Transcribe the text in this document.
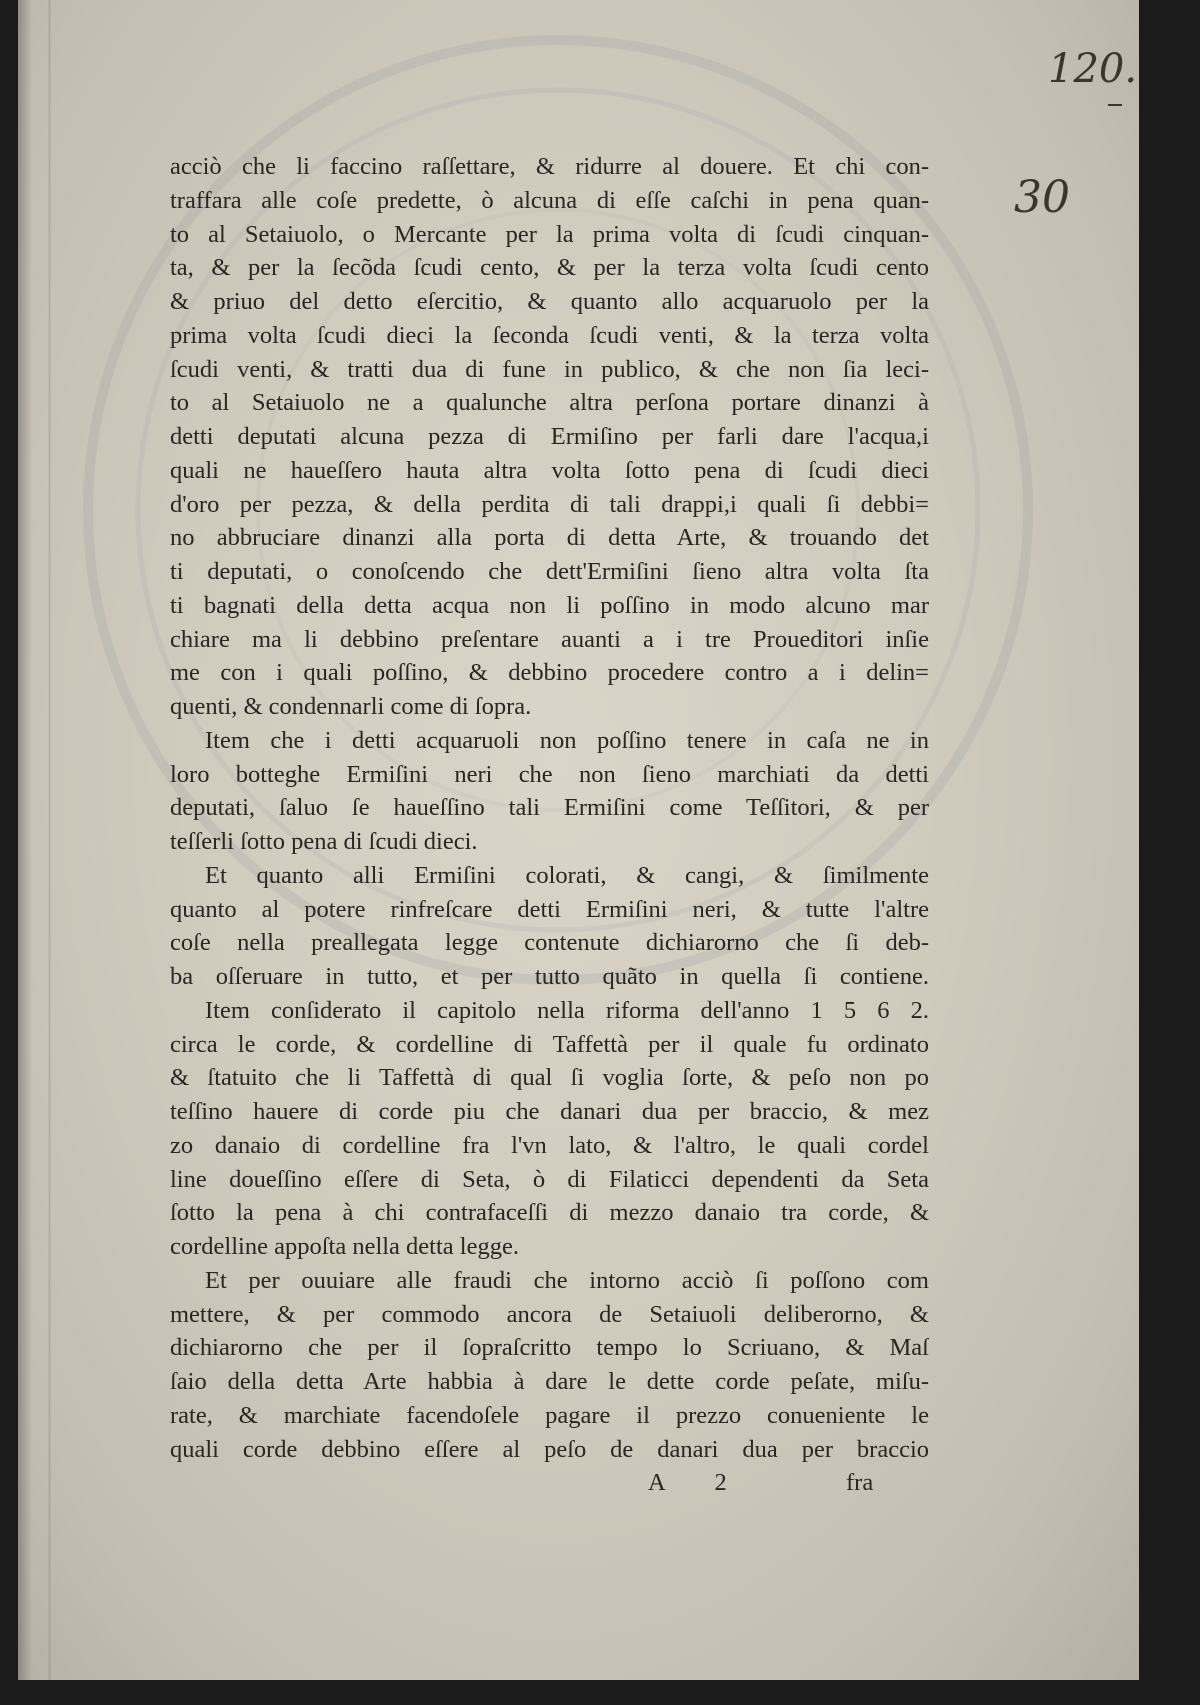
120.
30
acciò che li faccino raſſettare, & ridurre al douere. Et chi con-
traffara alle coſe predette, ò alcuna di eſſe caſchi in pena quan-
to al Setaiuolo, o Mercante per la prima volta di ſcudi cinquan-
ta, & per la ſecõda ſcudi cento, & per la terza volta ſcudi cento
& priuo del detto eſercitio, & quanto allo acquaruolo per la
prima volta ſcudi dieci la ſeconda ſcudi venti, & la terza volta
ſcudi venti, & tratti dua di fune in publico, & che non ſia leci-
to al Setaiuolo ne a qualunche altra perſona portare dinanzi à
detti deputati alcuna pezza di Ermiſino per farli dare l'acqua,i
quali ne haueſſero hauta altra volta ſotto pena di ſcudi dieci
d'oro per pezza, & della perdita di tali drappi,i quali ſi debbi=
no abbruciare dinanzi alla porta di detta Arte, & trouando det
ti deputati, o conoſcendo che dett'Ermiſini ſieno altra volta ſta
ti bagnati della detta acqua non li poſſino in modo alcuno mar
chiare ma li debbino preſentare auanti a i tre Proueditori inſie
me con i quali poſſino, & debbino procedere contro a i delin=
quenti, & condennarli come di ſopra.
Item che i detti acquaruoli non poſſino tenere in caſa ne in
loro botteghe Ermiſini neri che non ſieno marchiati da detti
deputati, ſaluo ſe haueſſino tali Ermiſini come Teſſitori, & per
teſſerli ſotto pena di ſcudi dieci.
Et quanto alli Ermiſini colorati, & cangi, & ſimilmente
quanto al potere rinfreſcare detti Ermiſini neri, & tutte l'altre
coſe nella preallegata legge contenute dichiarorno che ſi deb-
ba oſſeruare in tutto, et per tutto quãto in quella ſi contiene.
Item conſiderato il capitolo nella riforma dell'anno 1 5 6 2.
circa le corde, & cordelline di Taffettà per il quale fu ordinato
& ſtatuito che li Taffettà di qual ſi voglia ſorte, & peſo non po
teſſino hauere di corde piu che danari dua per braccio, & mez
zo danaio di cordelline fra l'vn lato, & l'altro, le quali cordel
line doueſſino eſſere di Seta, ò di Filaticci dependenti da Seta
ſotto la pena à chi contrafaceſſi di mezzo danaio tra corde, &
cordelline appoſta nella detta legge.
Et per ouuiare alle fraudi che intorno acciò ſi poſſono com
mettere, & per commodo ancora de Setaiuoli deliberorno, &
dichiarorno che per il ſopraſcritto tempo lo Scriuano, & Maſ
ſaio della detta Arte habbia à dare le dette corde peſate, miſu-
rate, & marchiate facendoſele pagare il prezzo conueniente le
quali corde debbino eſſere al peſo de danari dua per braccio
A 2	fra
